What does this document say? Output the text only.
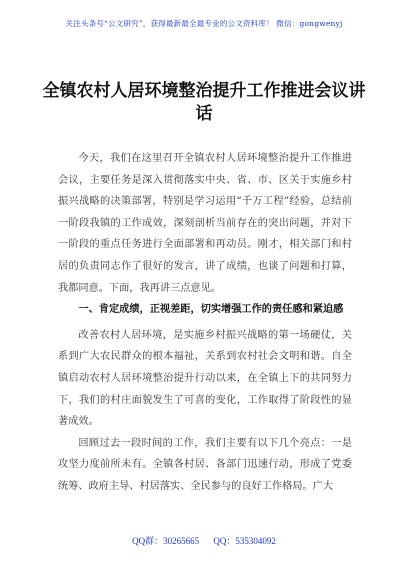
关注头条号“公文研究”，获得最新最全最专业的公文资料库！ 微信：gongwenyj
全镇农村人居环境整治提升工作推进会议讲话

今天，我们在这里召开全镇农村人居环境整治提升工作推进会议，主要任务是深入贯彻落实中央、省、市、区关于实施乡村振兴战略的决策部署，特别是学习运用“千万工程”经验，总结前一阶段我镇的工作成效，深刻剖析当前存在的突出问题，并对下一阶段的重点任务进行全面部署和再动员。刚才，相关部门和村居的负责同志作了很好的发言，讲了成绩，也谈了问题和打算，我都同意。下面，我再讲三点意见。

一、肯定成绩，正视差距，切实增强工作的责任感和紧迫感

改善农村人居环境，是实施乡村振兴战略的第一场硬仗，关系到广大农民群众的根本福祉，关系到农村社会文明和谐。自全镇启动农村人居环境整治提升行动以来，在全镇上下的共同努力下，我们的村庄面貌发生了可喜的变化，工作取得了阶段性的显著成效。

回顾过去一段时间的工作，我们主要有以下几个亮点：一是攻坚力度前所未有。全镇各村居、各部门迅速行动，形成了党委统筹、政府主导、村居落实、全民参与的良好工作格局。广大

QQ群：30265665 QQ：535304092
